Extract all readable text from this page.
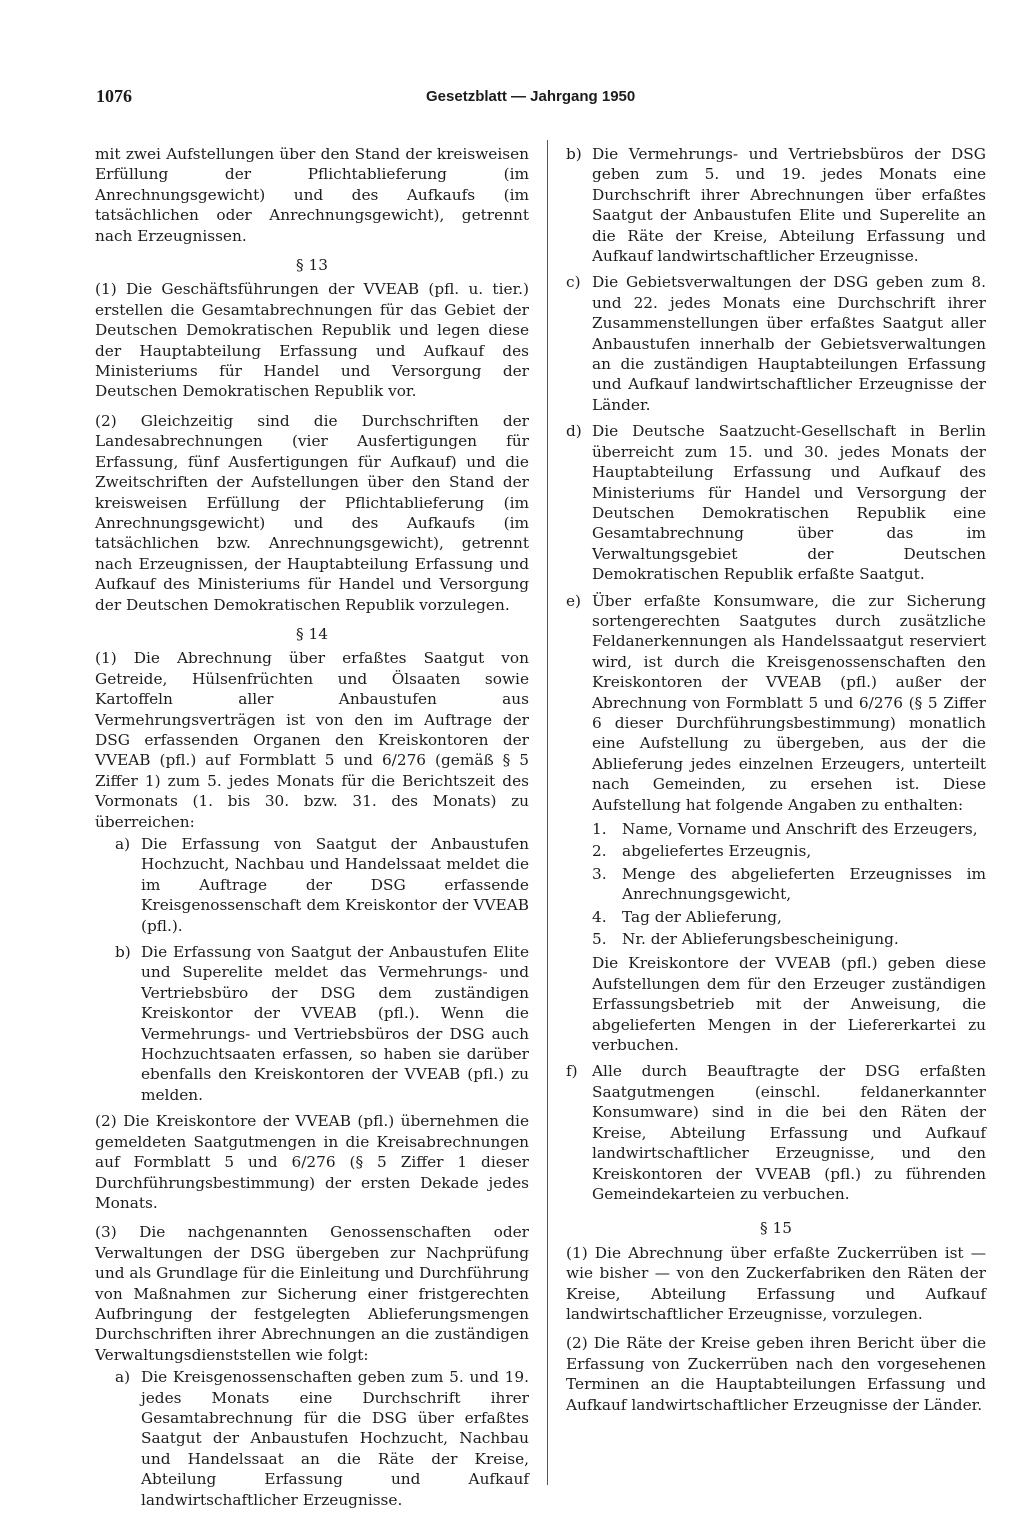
1076	Gesetzblatt — Jahrgang 1950

mit zwei Aufstellungen über den Stand der kreisweisen Erfüllung der Pflichtablieferung (im Anrechnungsgewicht) und des Aufkaufs (im tatsächlichen oder Anrechnungsgewicht), getrennt nach Erzeugnissen.

§ 13

(1) Die Geschäftsführungen der VVEAB (pfl. u. tier.) erstellen die Gesamtabrechnungen für das Gebiet der Deutschen Demokratischen Republik und legen diese der Hauptabteilung Erfassung und Aufkauf des Ministeriums für Handel und Versorgung der Deutschen Demokratischen Republik vor.

(2) Gleichzeitig sind die Durchschriften der Landesabrechnungen (vier Ausfertigungen für Erfassung, fünf Ausfertigungen für Aufkauf) und die Zweitschriften der Aufstellungen über den Stand der kreisweisen Erfüllung der Pflichtablieferung (im Anrechnungsgewicht) und des Aufkaufs (im tatsächlichen bzw. Anrechnungsgewicht), getrennt nach Erzeugnissen, der Hauptabteilung Erfassung und Aufkauf des Ministeriums für Handel und Versorgung der Deutschen Demokratischen Republik vorzulegen.

§ 14

(1) Die Abrechnung über erfaßtes Saatgut von Getreide, Hülsenfrüchten und Ölsaaten sowie Kartoffeln aller Anbaustufen aus Vermehrungsverträgen ist von den im Auftrage der DSG erfassenden Organen den Kreiskontoren der VVEAB (pfl.) auf Formblatt 5 und 6/276 (gemäß § 5 Ziffer 1) zum 5. jedes Monats für die Berichtszeit des Vormonats (1. bis 30. bzw. 31. des Monats) zu überreichen:

a) Die Erfassung von Saatgut der Anbaustufen Hochzucht, Nachbau und Handelssaat meldet die im Auftrage der DSG erfassende Kreisgenossenschaft dem Kreiskontor der VVEAB (pfl.).
b) Die Erfassung von Saatgut der Anbaustufen Elite und Superelite meldet das Vermehrungs- und Vertriebsbüro der DSG dem zuständigen Kreiskontor der VVEAB (pfl.). Wenn die Vermehrungs- und Vertriebsbüros der DSG auch Hochzuchtsaaten erfassen, so haben sie darüber ebenfalls den Kreiskontoren der VVEAB (pfl.) zu melden.

(2) Die Kreiskontore der VVEAB (pfl.) übernehmen die gemeldeten Saatgutmengen in die Kreisabrechnungen auf Formblatt 5 und 6/276 (§ 5 Ziffer 1 dieser Durchführungsbestimmung) der ersten Dekade jedes Monats.

(3) Die nachgenannten Genossenschaften oder Verwaltungen der DSG übergeben zur Nachprüfung und als Grundlage für die Einleitung und Durchführung von Maßnahmen zur Sicherung einer fristgerechten Aufbringung der festgelegten Ablieferungsmengen Durchschriften ihrer Abrechnungen an die zuständigen Verwaltungsdienststellen wie folgt:

a) Die Kreisgenossenschaften geben zum 5. und 19. jedes Monats eine Durchschrift ihrer Gesamtabrechnung für die DSG über erfaßtes Saatgut der Anbaustufen Hochzucht, Nachbau und Handelssaat an die Räte der Kreise, Abteilung Erfassung und Aufkauf landwirtschaftlicher Erzeugnisse.
b) Die Vermehrungs- und Vertriebsbüros der DSG geben zum 5. und 19. jedes Monats eine Durchschrift ihrer Abrechnungen über erfaßtes Saatgut der Anbaustufen Elite und Superelite an die Räte der Kreise, Abteilung Erfassung und Aufkauf landwirtschaftlicher Erzeugnisse.
c) Die Gebietsverwaltungen der DSG geben zum 8. und 22. jedes Monats eine Durchschrift ihrer Zusammenstellungen über erfaßtes Saatgut aller Anbaustufen innerhalb der Gebietsverwaltungen an die zuständigen Hauptabteilungen Erfassung und Aufkauf landwirtschaftlicher Erzeugnisse der Länder.
d) Die Deutsche Saatzucht-Gesellschaft in Berlin überreicht zum 15. und 30. jedes Monats der Hauptabteilung Erfassung und Aufkauf des Ministeriums für Handel und Versorgung der Deutschen Demokratischen Republik eine Gesamtabrechnung über das im Verwaltungsgebiet der Deutschen Demokratischen Republik erfaßte Saatgut.
e) Über erfaßte Konsumware, die zur Sicherung sortengerechten Saatgutes durch zusätzliche Feldanerkennungen als Handelssaatgut reserviert wird, ist durch die Kreisgenossenschaften den Kreiskontoren der VVEAB (pfl.) außer der Abrechnung von Formblatt 5 und 6/276 (§ 5 Ziffer 6 dieser Durchführungsbestimmung) monatlich eine Aufstellung zu übergeben, aus der die Ablieferung jedes einzelnen Erzeugers, unterteilt nach Gemeinden, zu ersehen ist. Diese Aufstellung hat folgende Angaben zu enthalten:
1.	Name, Vorname und Anschrift des Erzeugers,
2.	abgeliefertes Erzeugnis,
3.	Menge des abgelieferten Erzeugnisses im Anrechnungsgewicht,
4.	Tag der Ablieferung,
5.	Nr. der Ablieferungsbescheinigung.
Die Kreiskontore der VVEAB (pfl.) geben diese Aufstellungen dem für den Erzeuger zuständigen Erfassungsbetrieb mit der Anweisung, die abgelieferten Mengen in der Liefererkartei zu verbuchen.
f) Alle durch Beauftragte der DSG erfaßten Saatgutmengen (einschl. feldanerkannter Konsumware) sind in die bei den Räten der Kreise, Abteilung Erfassung und Aufkauf landwirtschaftlicher Erzeugnisse, und den Kreiskontoren der VVEAB (pfl.) zu führenden Gemeindekarteien zu verbuchen.
§ 15

(1) Die Abrechnung über erfaßte Zuckerrüben ist — wie bisher — von den Zuckerfabriken den Räten der Kreise, Abteilung Erfassung und Aufkauf landwirtschaftlicher Erzeugnisse, vorzulegen.

(2) Die Räte der Kreise geben ihren Bericht über die Erfassung von Zuckerrüben nach den vorgesehenen Terminen an die Hauptabteilungen Erfassung und Aufkauf landwirtschaftlicher Erzeugnisse der Länder.
